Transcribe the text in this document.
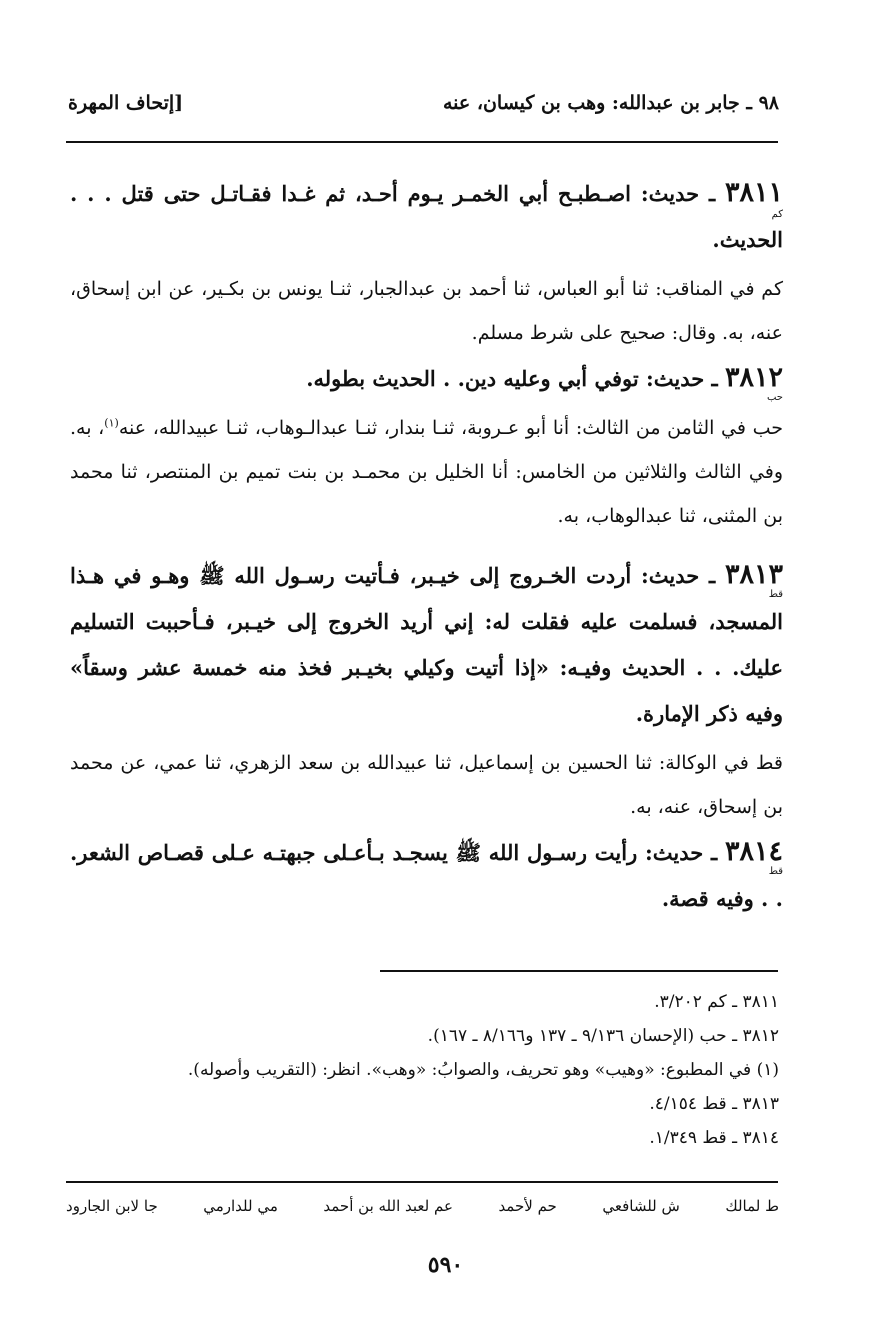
٩٨ ـ جابر بن عبدالله: وهب بن كيسان، عنه
[إتحاف المهرة
كم
٣٨١١ ـ حديث: اصـطبـح أبي الخمـر يـوم أحـد، ثم غـدا فقـاتـل حتى قتل . . . الحديث.

كم في المناقب: ثنا أبو العباس، ثنا أحمد بن عبدالجبار، ثنـا يونس بن بكـير، عن ابن إسحاق، عنه، به. وقال: صحيح على شرط مسلم.

حب
٣٨١٢ ـ حديث: توفي أبي وعليه دين. . الحديث بطوله.

حب في الثامن من الثالث: أنا أبو عـروبة، ثنـا بندار، ثنـا عبدالـوهاب، ثنـا عبيدالله، عنه$^{(١)}$، به. وفي الثالث والثلاثين من الخامس: أنا الخليل بن محمـد بن بنت تميم بن المنتصر، ثنا محمد بن المثنى، ثنا عبدالوهاب، به.

قط
٣٨١٣ ـ حديث: أردت الخـروج إلى خيـبر، فـأتيت رسـول الله ﷺ وهـو في هـذا المسجد، فسلمت عليه فقلت له: إني أريد الخروج إلى خيـبر، فـأحببت التسليم عليك. . . الحديث وفيـه: «إذا أتيت وكيلي بخيـبر فخذ منه خمسة عشر وسقاً» وفيه ذكر الإمارة.

قط في الوكالة: ثنا الحسين بن إسماعيل، ثنا عبيدالله بن سعد الزهري، ثنا عمي، عن محمد بن إسحاق، عنه، به.

قط
٣٨١٤ ـ حديث: رأيت رسـول الله ﷺ يسجـد بـأعـلى جبهتـه عـلى قصـاص الشعر. . . وفيه قصة.
٣٨١١ ـ كم ٣/٢٠٢.
٣٨١٢ ـ حب (الإحسان ٩/١٣٦ ـ ١٣٧ و٨/١٦٦ ـ ١٦٧).
(١) في المطبوع: «وهيب» وهو تحريف، والصوابُ: «وهب». انظر: (التقريب وأصوله).
٣٨١٣ ـ قط ٤/١٥٤.
٣٨١٤ ـ قط ١/٣٤٩.
ط لمالك
ش للشافعي
حم لأحمد
عم لعبد الله بن أحمد
مي للدارمي
جا لابن الجارود
٥٩٠
